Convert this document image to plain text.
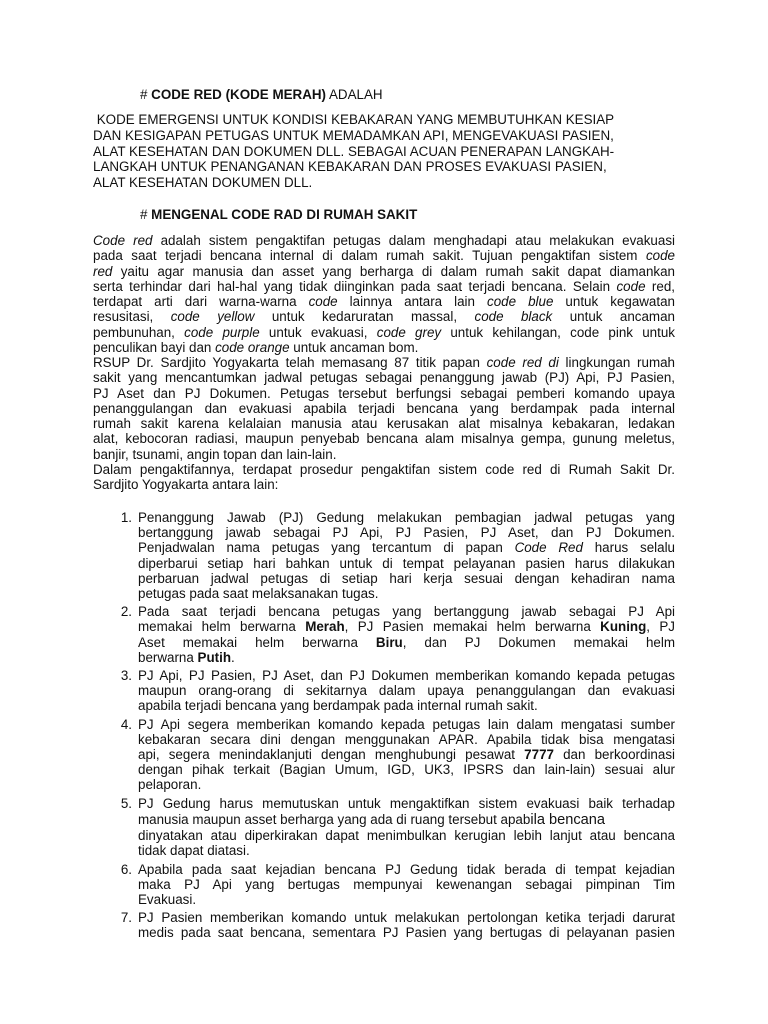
# CODE RED (KODE MERAH) ADALAH
KODE EMERGENSI UNTUK KONDISI KEBAKARAN YANG MEMBUTUHKAN KESIAP
DAN KESIGAPAN PETUGAS UNTUK MEMADAMKAN API, MENGEVAKUASI PASIEN,
ALAT KESEHATAN DAN DOKUMEN DLL. SEBAGAI ACUAN PENERAPAN LANGKAH-
LANGKAH UNTUK PENANGANAN KEBAKARAN DAN PROSES EVAKUASI PASIEN,
ALAT KESEHATAN DOKUMEN DLL.
# MENGENAL CODE RAD DI RUMAH SAKIT
Code red adalah sistem pengaktifan petugas dalam menghadapi atau melakukan evakuasi
pada saat terjadi bencana internal di dalam rumah sakit. Tujuan pengaktifan sistem code
red yaitu agar manusia dan asset yang berharga di dalam rumah sakit dapat diamankan
serta terhindar dari hal-hal yang tidak diinginkan pada saat terjadi bencana. Selain code red,
terdapat arti dari warna-warna code lainnya antara lain code blue untuk kegawatan
resusitasi, code yellow untuk kedaruratan massal, code black untuk ancaman
pembunuhan, code purple untuk evakuasi, code grey untuk kehilangan, code pink untuk
penculikan bayi dan code orange untuk ancaman bom.
RSUP Dr. Sardjito Yogyakarta telah memasang 87 titik papan code red di lingkungan rumah
sakit yang mencantumkan jadwal petugas sebagai penanggung jawab (PJ) Api, PJ Pasien,
PJ Aset dan PJ Dokumen. Petugas tersebut berfungsi sebagai pemberi komando upaya
penanggulangan dan evakuasi apabila terjadi bencana yang berdampak pada internal
rumah sakit karena kelalaian manusia atau kerusakan alat misalnya kebakaran, ledakan
alat, kebocoran radiasi, maupun penyebab bencana alam misalnya gempa, gunung meletus,
banjir, tsunami, angin topan dan lain-lain.
Dalam pengaktifannya, terdapat prosedur pengaktifan sistem code red di Rumah Sakit Dr.
Sardjito Yogyakarta antara lain:
1. Penanggung Jawab (PJ) Gedung melakukan pembagian jadwal petugas yang
bertanggung jawab sebagai PJ Api, PJ Pasien, PJ Aset, dan PJ Dokumen.
Penjadwalan nama petugas yang tercantum di papan Code Red harus selalu
diperbarui setiap hari bahkan untuk di tempat pelayanan pasien harus dilakukan
perbaruan jadwal petugas di setiap hari kerja sesuai dengan kehadiran nama
petugas pada saat melaksanakan tugas.
2. Pada saat terjadi bencana petugas yang bertanggung jawab sebagai PJ Api
memakai helm berwarna Merah, PJ Pasien memakai helm berwarna Kuning, PJ
Aset memakai helm berwarna Biru, dan PJ Dokumen memakai helm
berwarna Putih.
3. PJ Api, PJ Pasien, PJ Aset, dan PJ Dokumen memberikan komando kepada petugas
maupun orang-orang di sekitarnya dalam upaya penanggulangan dan evakuasi
apabila terjadi bencana yang berdampak pada internal rumah sakit.
4. PJ Api segera memberikan komando kepada petugas lain dalam mengatasi sumber
kebakaran secara dini dengan menggunakan APAR. Apabila tidak bisa mengatasi
api, segera menindaklanjuti dengan menghubungi pesawat 7777 dan berkoordinasi
dengan pihak terkait (Bagian Umum, IGD, UK3, IPSRS dan lain-lain) sesuai alur
pelaporan.
5. PJ Gedung harus memutuskan untuk mengaktifkan sistem evakuasi baik terhadap
manusia maupun asset berharga yang ada di ruang tersebut apabila bencana
dinyatakan atau diperkirakan dapat menimbulkan kerugian lebih lanjut atau bencana
tidak dapat diatasi.
6. Apabila pada saat kejadian bencana PJ Gedung tidak berada di tempat kejadian
maka PJ Api yang bertugas mempunyai kewenangan sebagai pimpinan Tim
Evakuasi.
7. PJ Pasien memberikan komando untuk melakukan pertolongan ketika terjadi darurat
medis pada saat bencana, sementara PJ Pasien yang bertugas di pelayanan pasien
